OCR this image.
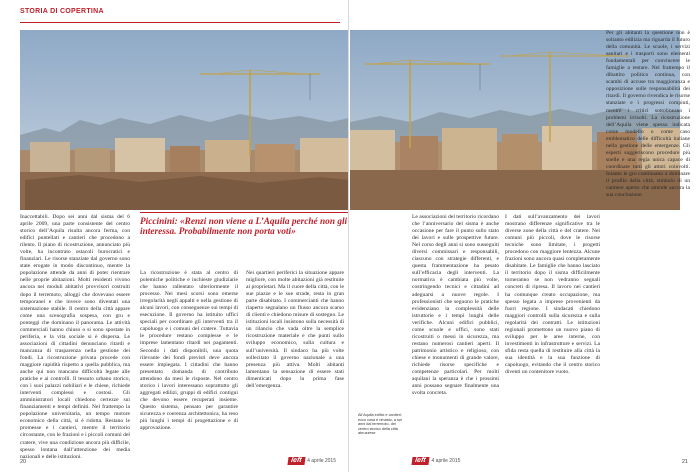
STORIA DI COPERTINA
Piccinini: «Renzi non viene a L’Aquila perché non gli interessa. Probabilmente non porta voti»

Inaccettabili. Dopo sei anni dal sisma del 6 aprile 2009, una parte consistente del centro storico dell’Aquila risulta ancora ferma, con edifici puntellati e cantieri che procedono a rilento. Il piano di ricostruzione, annunciato più volte, ha incontrato ostacoli burocratici e finanziari. Le risorse stanziate dal governo sono state erogate in modo discontinuo, mentre la popolazione attende da anni di poter rientrare nelle proprie abitazioni. Molti residenti vivono ancora nei moduli abitativi provvisori costruiti dopo il terremoto, alloggi che dovevano essere temporanei e che invece sono diventati una sistemazione stabile. Il centro della città appare come una scenografia sospesa, con gru e ponteggi che dominano il panorama. Le attività commerciali hanno chiuso o si sono spostate in periferia, e la vita sociale si è dispersa. Le associazioni di cittadini denunciano ritardi e mancanza di trasparenza nella gestione dei fondi. La ricostruzione privata procede con maggiore rapidità rispetto a quella pubblica, ma anche qui non mancano difficoltà legate alle pratiche e ai controlli. Il tessuto urbano storico, con i suoi palazzi nobiliari e le chiese, richiede interventi complessi e costosi. Gli amministratori locali chiedono certezze sui finanziamenti e tempi definiti. Nel frattempo la popolazione universitaria, un tempo motore economico della città, si è ridotta. Restano le promesse e i cantieri, mentre il territorio circostante, con le frazioni e i piccoli comuni del cratere, vive una condizione ancora più difficile, spesso lontana dall’attenzione dei media nazionali e delle istituzioni.

La ricostruzione è stata al centro di polemiche politiche e inchieste giudiziarie che hanno rallentato ulteriormente il processo. Nei mesi scorsi sono emerse irregolarità negli appalti e nella gestione di alcuni lavori, con conseguenze sui tempi di esecuzione. Il governo ha istituito uffici speciali per coordinare gli interventi tra il capoluogo e i comuni del cratere. Tuttavia le procedure restano complesse e le imprese lamentano ritardi nei pagamenti. Secondo i dati disponibili, una quota rilevante dei fondi previsti deve ancora essere impiegata. I cittadini che hanno presentato domanda di contributo attendono da mesi le risposte. Nel centro storico i lavori interessano soprattutto gli aggregati edilizi, gruppi di edifici contigui che devono essere recuperati insieme. Questo sistema, pensato per garantire sicurezza e coerenza architettonica, ha reso più lunghi i tempi di progettazione e di approvazione.

Nei quartieri periferici la situazione appare migliore, con molte abitazioni già restituite ai proprietari. Ma il cuore della città, con le sue piazze e le sue strade, resta in gran parte disabitato. I commercianti che hanno riaperto segnalano un flusso ancora scarso di clienti e chiedono misure di sostegno. Le istituzioni locali insistono sulla necessità di un rilancio che vada oltre la semplice ricostruzione materiale e che punti sullo sviluppo economico, sulla cultura e sull’università. Il sindaco ha più volte sollecitato il governo nazionale a una presenza più attiva. Molti abitanti lamentano la sensazione di essere stati dimenticati dopo la prima fase dell’emergenza.

20	left	4 aprile 2015
All’Aquila edifici e cantieri: ecco cosa è rimasto, a sei anni dal terremoto, del centro storico della città abruzzese

Le associazioni del territorio ricordano che l’anniversario del sisma è anche occasione per fare il punto sullo stato dei lavori e sulle prospettive future. Nel corso degli anni si sono susseguiti diversi commissari e responsabili, ciascuno con strategie differenti, e questa frammentazione ha pesato sull’efficacia degli interventi. La normativa è cambiata più volte, costringendo tecnici e cittadini ad adeguarsi a nuove regole. I professionisti che seguono le pratiche evidenziano la complessità delle istruttorie e i tempi lunghi delle verifiche. Alcuni edifici pubblici, come scuole e uffici, sono stati ricostruiti o messi in sicurezza, ma restano numerosi cantieri aperti. Il patrimonio artistico e religioso, con chiese e monumenti di grande valore, richiede risorse specifiche e competenze particolari. Per molti aquilani la speranza è che i prossimi anni possano segnare finalmente una svolta concreta.

I dati sull’avanzamento dei lavori mostrano differenze significative tra le diverse zone della città e del cratere. Nei comuni più piccoli, dove le risorse tecniche sono limitate, i progetti procedono con maggiore lentezza. Alcune frazioni sono ancora quasi completamente disabitate. Le famiglie che hanno lasciato il territorio dopo il sisma difficilmente torneranno se non vedranno segnali concreti di ripresa. Il lavoro nei cantieri ha comunque creato occupazione, ma spesso legata a imprese provenienti da fuori regione. I sindacati chiedono maggiori controlli sulla sicurezza e sulla regolarità dei contratti. Le istituzioni regionali promettono un nuovo piano di sviluppo per le aree interne, con investimenti in infrastrutture e servizi. La sfida resta quella di restituire alla città la sua identità e la sua funzione di capoluogo, evitando che il centro storico diventi un contenitore vuoto.

Per gli abitanti la questione non è soltanto edilizia ma riguarda il futuro della comunità. Le scuole, i servizi sanitari e i trasporti sono elementi fondamentali per convincere le famiglie a restare. Nel frattempo il dibattito politico continua, con scambi di accuse tra maggioranza e opposizione sulle responsabilità dei ritardi. Il governo rivendica le risorse stanziate e i progressi compiuti, mentre i critici sottolineano i problemi irrisolti. La ricostruzione dell’Aquila viene spesso indicata come modello o come caso emblematico delle difficoltà italiane nella gestione delle emergenze. Gli esperti suggeriscono procedure più snelle e una regia unica capace di coordinare tutti gli attori coinvolti. Intanto le gru continuano a dominare il profilo della città, simbolo di un cantiere aperto che attende ancora la sua conclusione.

left	4 aprile 2015	21
